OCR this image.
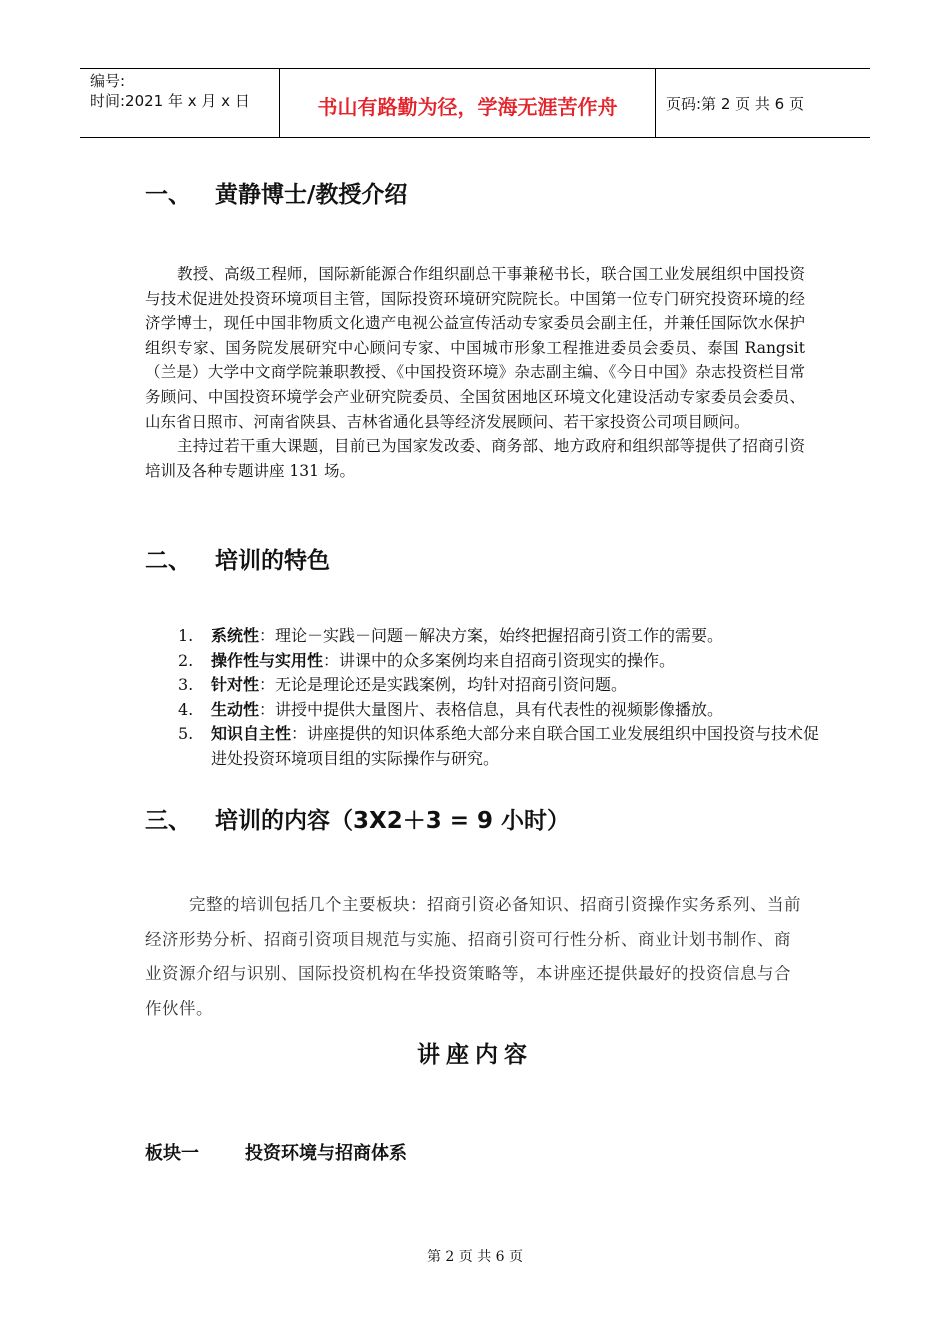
编号:
时间:2021 年 x 月 x 日	书山有路勤为径，学海无涯苦作舟	页码:第 2 页 共 6 页
一、 黄静博士/教授介绍

教授、高级工程师，国际新能源合作组织副总干事兼秘书长，联合国工业发展组织中国投资与技术促进处投资环境项目主管，国际投资环境研究院院长。中国第一位专门研究投资环境的经济学博士，现任中国非物质文化遗产电视公益宣传活动专家委员会副主任，并兼任国际饮水保护组织专家、国务院发展研究中心顾问专家、中国城市形象工程推进委员会委员、泰国 Rangsit（兰是）大学中文商学院兼职教授、《中国投资环境》杂志副主编、《今日中国》杂志投资栏目常务顾问、中国投资环境学会产业研究院委员、全国贫困地区环境文化建设活动专家委员会委员、山东省日照市、河南省陕县、吉林省通化县等经济发展顾问、若干家投资公司项目顾问。

主持过若干重大课题，目前已为国家发改委、商务部、地方政府和组织部等提供了招商引资培训及各种专题讲座 131 场。

二、 培训的特色
1. 系统性：理论－实践－问题－解决方案，始终把握招商引资工作的需要。
2. 操作性与实用性：讲课中的众多案例均来自招商引资现实的操作。
3. 针对性：无论是理论还是实践案例，均针对招商引资问题。
4. 生动性：讲授中提供大量图片、表格信息，具有代表性的视频影像播放。
5. 知识自主性：讲座提供的知识体系绝大部分来自联合国工业发展组织中国投资与技术促进处投资环境项目组的实际操作与研究。
三、 培训的内容（3X2＋3 = 9 小时）

完整的培训包括几个主要板块：招商引资必备知识、招商引资操作实务系列、当前经济形势分析、招商引资项目规范与实施、招商引资可行性分析、商业计划书制作、商业资源介绍与识别、国际投资机构在华投资策略等，本讲座还提供最好的投资信息与合作伙伴。

讲座内容
板块一	投资环境与招商体系
第 2 页 共 6 页
